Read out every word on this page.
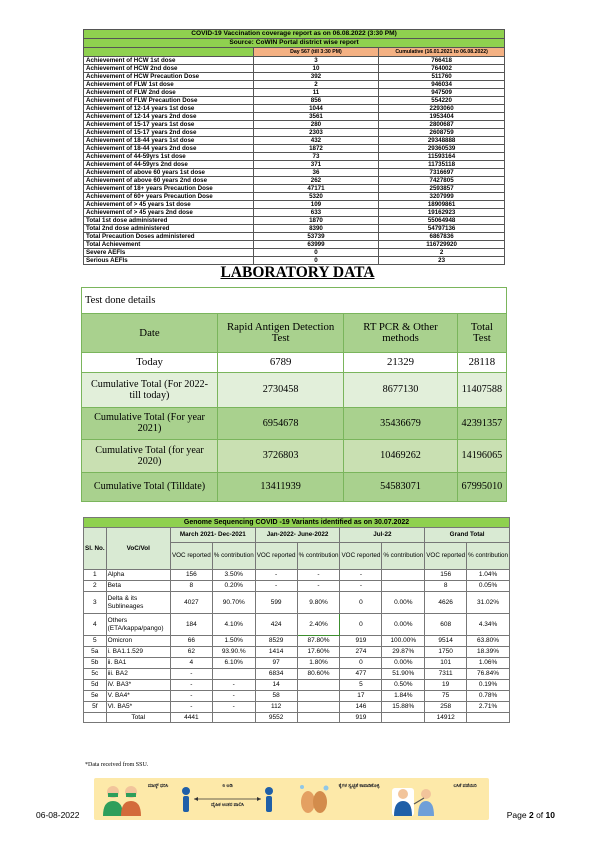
COVID-19 Vaccination coverage report as on 06.08.2022 (3:30 PM)		
Source: CoWIN Portal district wise report		
	Day 567 (till 3:30 PM)	Cumulative (16.01.2021 to 06.08.2022)
Achievement of HCW 1st dose	3	766418
Achievement of HCW 2nd dose	10	764002
Achievement of HCW Precaution Dose	392	511760
Achievement of FLW 1st dose	2	946034
Achievement of FLW 2nd dose	11	947509
Achievement of FLW Precaution Dose	856	554220
Achievement of 12-14 years 1st dose	1044	2293060
Achievement of 12-14 years 2nd dose	3561	1953404
Achievement of 15-17 years 1st dose	280	2800687
Achievement of 15-17 years 2nd dose	2303	2608759
Achievement of 18-44 years 1st dose	432	29348888
Achievement of 18-44 years 2nd dose	1872	29360539
Achievement of 44-59yrs 1st dose	73	11593164
Achievement of 44-59yrs 2nd dose	371	11735118
Achievement of above 60 years 1st dose	36	7316697
Achievement of above 60 years 2nd dose	262	7427805
Achievement of 18+ years Precaution Dose	47171	2593857
Achievement of 60+ years Precaution Dose	5320	3207999
Achievement of > 45 years 1st dose	109	18909861
Achievement of > 45 years 2nd dose	633	19162923
Total 1st dose administered	1870	55064948
Total 2nd dose administered	8390	54797136
Total Precaution Doses administered	53739	6867836
Total Achievement	63999	116729920
Severe AEFIs	0	2
Serious AEFIs	0	23
LABORATORY DATA
Test done details			
Date	Rapid Antigen Detection Test	RT PCR & Other methods	Total Test
Today	6789	21329	28118
Cumulative Total (For 2022- till today)	2730458	8677130	11407588
Cumulative Total (For year 2021)	6954678	35436679	42391357
Cumulative Total (for year 2020)	3726803	10469262	14196065
Cumulative Total (Tilldate)	13411939	54583071	67995010
Genome Sequencing COVID -19 Variants identified as on 30.07.2022									
Sl. No.	VoC/VoI	March 2021- Dec-2021		Jan-2022- June-2022		Jul-22		Grand Total	
		VOC reported	% contribution	VOC reported	% contribution	VOC reported	% contribution	VOC reported	% contribution
1	Alpha	156	3.50%	-	-	-		156	1.04%
2	Beta	8	0.20%	-	-	-		8	0.05%
3	Delta & its Sublineages	4027	90.70%	599	9.80%	0	0.00%	4626	31.02%
4	Others (ETA/kappa/pango)	184	4.10%	424	2.40%	0	0.00%	608	4.34%
5	Omicron	66	1.50%	8529	87.80%	919	100.00%	9514	63.80%
5a	i. BA1.1.529	62	93.90.%	1414	17.60%	274	29.87%	1750	18.39%
5b	ii. BA1	4	6.10%	97	1.80%	0	0.00%	101	1.06%
5c	iii. BA2	-		6834	80.60%	477	51.90%	7311	76.84%
5d	iV. BA3*	-	-	14		5	0.50%	19	0.19%
5e	V. BA4*	-	-	58		17	1.84%	75	0.78%
5f	VI. BA5*	-	-	112		146	15.88%	258	2.71%
	Total	4441		9552		919		14912	
*Data received from SSU.
ಮಾಸ್ಕ್ ಧರಿಸಿ	6 ಅಡಿ
ದೈಹಿಕ ಅಂತರ ಪಾಲಿಸಿ
ಕೈಗಳ ಸ್ವಚ್ಛತೆ ಕಾಪಾಡಿಕೊಳ್ಳಿ	ಲಸಿಕೆ ಪಡೆಯಿರಿ
06-08-2022	Page 2 of 10
